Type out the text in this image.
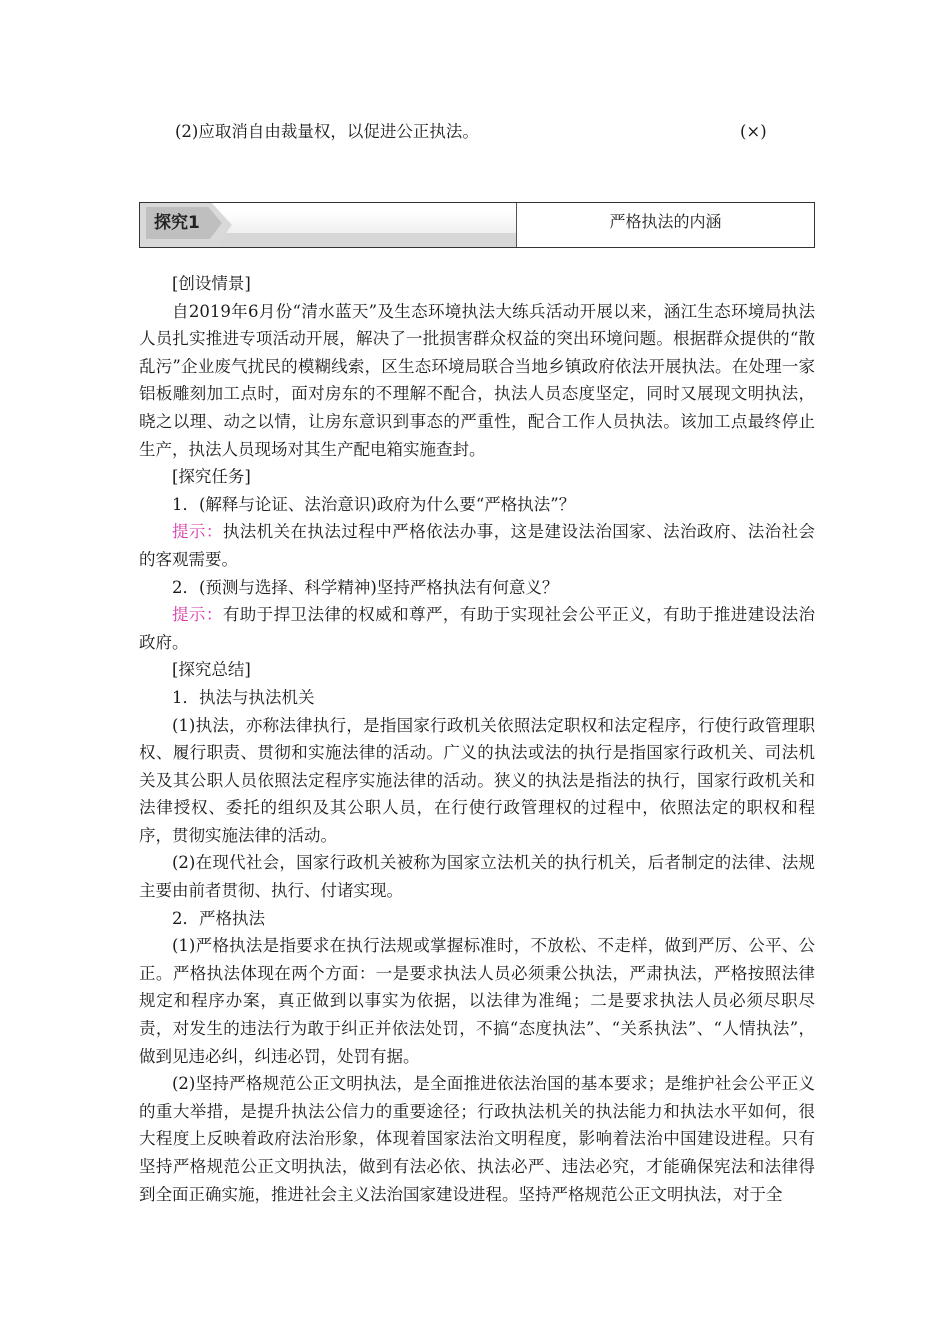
(2)应取消自由裁量权，以促进公正执法。	(×)
探究1	严格执法的内涵

[创设情景]

自2019年6月份“清水蓝天”及生态环境执法大练兵活动开展以来，涵江生态环境局执法人员扎实推进专项活动开展，解决了一批损害群众权益的突出环境问题。根据群众提供的“散乱污”企业废气扰民的模糊线索，区生态环境局联合当地乡镇政府依法开展执法。在处理一家铝板雕刻加工点时，面对房东的不理解不配合，执法人员态度坚定，同时又展现文明执法，晓之以理、动之以情，让房东意识到事态的严重性，配合工作人员执法。该加工点最终停止生产，执法人员现场对其生产配电箱实施查封。

[探究任务]

1．(解释与论证、法治意识)政府为什么要“严格执法”？

提示：执法机关在执法过程中严格依法办事，这是建设法治国家、法治政府、法治社会的客观需要。

2．(预测与选择、科学精神)坚持严格执法有何意义？

提示：有助于捍卫法律的权威和尊严，有助于实现社会公平正义，有助于推进建设法治政府。

[探究总结]

1．执法与执法机关

(1)执法，亦称法律执行，是指国家行政机关依照法定职权和法定程序，行使行政管理职权、履行职责、贯彻和实施法律的活动。广义的执法或法的执行是指国家行政机关、司法机关及其公职人员依照法定程序实施法律的活动。狭义的执法是指法的执行，国家行政机关和法律授权、委托的组织及其公职人员，在行使行政管理权的过程中，依照法定的职权和程序，贯彻实施法律的活动。

(2)在现代社会，国家行政机关被称为国家立法机关的执行机关，后者制定的法律、法规主要由前者贯彻、执行、付诸实现。

2．严格执法

(1)严格执法是指要求在执行法规或掌握标准时，不放松、不走样，做到严厉、公平、公正。严格执法体现在两个方面：一是要求执法人员必须秉公执法，严肃执法，严格按照法律规定和程序办案，真正做到以事实为依据，以法律为准绳；二是要求执法人员必须尽职尽责，对发生的违法行为敢于纠正并依法处罚，不搞“态度执法”、“关系执法”、“人情执法”，做到见违必纠，纠违必罚，处罚有据。

(2)坚持严格规范公正文明执法，是全面推进依法治国的基本要求；是维护社会公平正义的重大举措，是提升执法公信力的重要途径；行政执法机关的执法能力和执法水平如何，很大程度上反映着政府法治形象，体现着国家法治文明程度，影响着法治中国建设进程。只有坚持严格规范公正文明执法，做到有法必依、执法必严、违法必究，才能确保宪法和法律得到全面正确实施，推进社会主义法治国家建设进程。坚持严格规范公正文明执法，对于全
